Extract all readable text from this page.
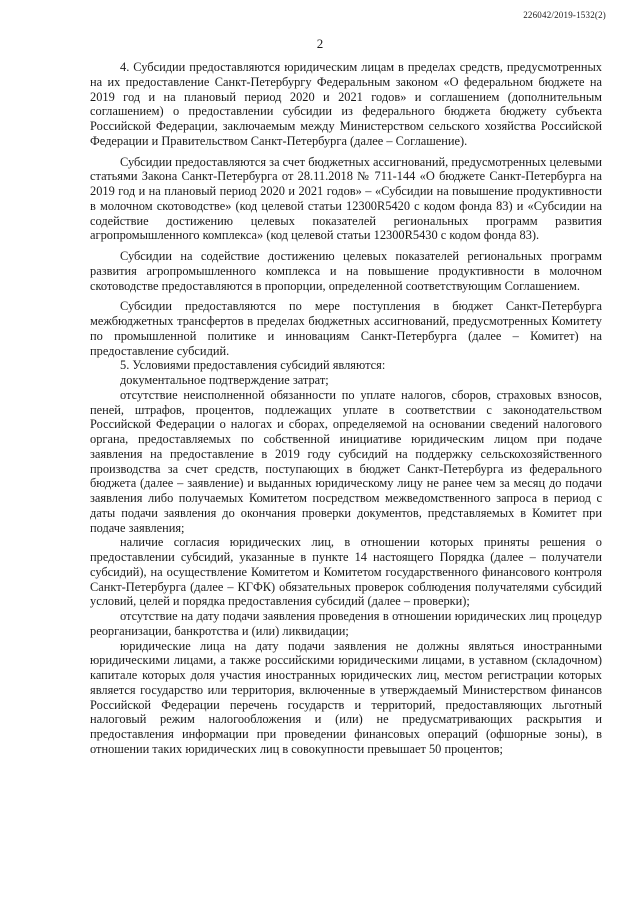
226042/2019-1532(2)
2

4. Субсидии предоставляются юридическим лицам в пределах средств, предусмотренных на их предоставление Санкт-Петербургу Федеральным законом «О федеральном бюджете на 2019 год и на плановый период 2020 и 2021 годов» и соглашением (дополнительным соглашением) о предоставлении субсидии из федерального бюджета бюджету субъекта Российской Федерации, заключаемым между Министерством сельского хозяйства Российской Федерации и Правительством Санкт-Петербурга (далее – Соглашение).

Субсидии предоставляются за счет бюджетных ассигнований, предусмотренных целевыми статьями Закона Санкт-Петербурга от 28.11.2018 № 711-144 «О бюджете Санкт-Петербурга на 2019 год и на плановый период 2020 и 2021 годов» – «Субсидии на повышение продуктивности в молочном скотоводстве» (код целевой статьи 12300R5420 с кодом фонда 83) и «Субсидии на содействие достижению целевых показателей региональных программ развития агропромышленного комплекса» (код целевой статьи 12300R5430 с кодом фонда 83).

Субсидии на содействие достижению целевых показателей региональных программ развития агропромышленного комплекса и на повышение продуктивности в молочном скотоводстве предоставляются в пропорции, определенной соответствующим Соглашением.

Субсидии предоставляются по мере поступления в бюджет Санкт-Петербурга межбюджетных трансфертов в пределах бюджетных ассигнований, предусмотренных Комитету по промышленной политике и инновациям Санкт-Петербурга (далее – Комитет) на предоставление субсидий.

5. Условиями предоставления субсидий являются:

документальное подтверждение затрат;

отсутствие неисполненной обязанности по уплате налогов, сборов, страховых взносов, пеней, штрафов, процентов, подлежащих уплате в соответствии с законодательством Российской Федерации о налогах и сборах, определяемой на основании сведений налогового органа, предоставляемых по собственной инициативе юридическим лицом при подаче заявления на предоставление в 2019 году субсидий на поддержку сельскохозяйственного производства за счет средств, поступающих в бюджет Санкт-Петербурга из федерального бюджета (далее – заявление) и выданных юридическому лицу не ранее чем за месяц до подачи заявления либо получаемых Комитетом посредством межведомственного запроса в период с даты подачи заявления до окончания проверки документов, представляемых в Комитет при подаче заявления;

наличие согласия юридических лиц, в отношении которых приняты решения о предоставлении субсидий, указанные в пункте 14 настоящего Порядка (далее – получатели субсидий), на осуществление Комитетом и Комитетом государственного финансового контроля Санкт-Петербурга (далее – КГФК) обязательных проверок соблюдения получателями субсидий условий, целей и порядка предоставления субсидий (далее – проверки);

отсутствие на дату подачи заявления проведения в отношении юридических лиц процедур реорганизации, банкротства и (или) ликвидации;

юридические лица на дату подачи заявления не должны являться иностранными юридическими лицами, а также российскими юридическими лицами, в уставном (складочном) капитале которых доля участия иностранных юридических лиц, местом регистрации которых является государство или территория, включенные в утверждаемый Министерством финансов Российской Федерации перечень государств и территорий, предоставляющих льготный налоговый режим налогообложения и (или) не предусматривающих раскрытия и предоставления информации при проведении финансовых операций (офшорные зоны), в отношении таких юридических лиц в совокупности превышает 50 процентов;
